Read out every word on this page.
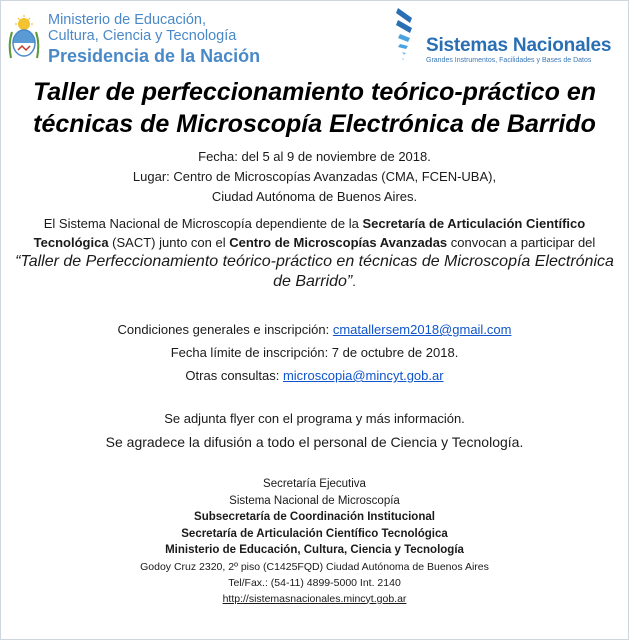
Ministerio de Educación,
Cultura, Ciencia y Tecnología
Presidencia de la Nación	Sistemas Nacionales
Grandes Instrumentos, Facilidades y Bases de Datos
Taller de perfeccionamiento teórico-práctico en
técnicas de Microscopía Electrónica de Barrido
Fecha: del 5 al 9 de noviembre de 2018.
Lugar: Centro de Microscopías Avanzadas (CMA, FCEN-UBA),
Ciudad Autónoma de Buenos Aires.
El Sistema Nacional de Microscopía dependiente de la Secretaría de Articulación Científico Tecnológica (SACT) junto con el Centro de Microscopías Avanzadas convocan a participar del “Taller de Perfeccionamiento teórico-práctico en técnicas de Microscopía Electrónica de Barrido”.
Condiciones generales e inscripción: cmatallersem2018@gmail.com
Fecha límite de inscripción: 7 de octubre de 2018.
Otras consultas: microscopia@mincyt.gob.ar
Se adjunta flyer con el programa y más información.
Se agradece la difusión a todo el personal de Ciencia y Tecnología.
Secretaría Ejecutiva
Sistema Nacional de Microscopía
Subsecretaría de Coordinación Institucional
Secretaría de Articulación Científico Tecnológica
Ministerio de Educación, Cultura, Ciencia y Tecnología
Godoy Cruz 2320, 2º piso (C1425FQD) Ciudad Autónoma de Buenos Aires
Tel/Fax.: (54-11) 4899-5000 Int. 2140
http://sistemasnacionales.mincyt.gob.ar
